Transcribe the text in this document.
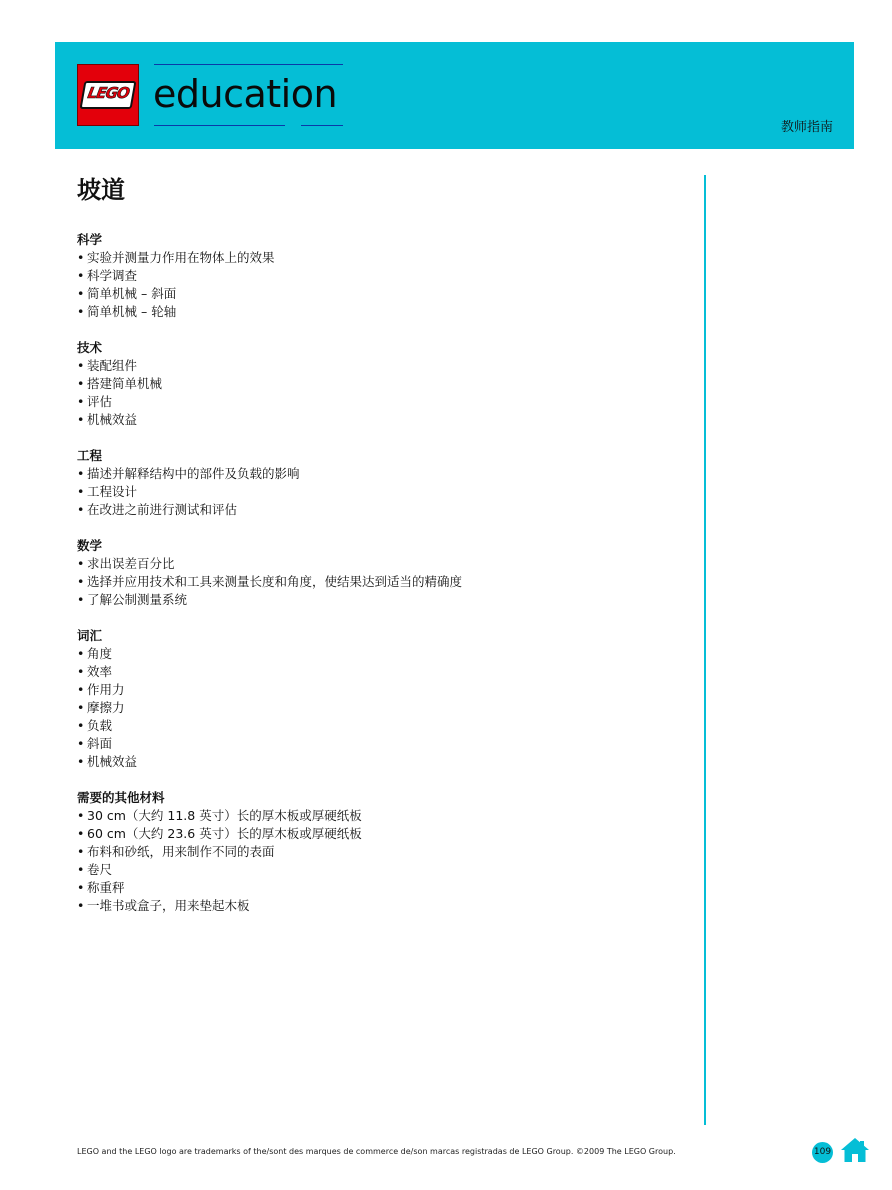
LEGO education
教师指南
坡道
科学
• 实验并测量力作用在物体上的效果
• 科学调查
• 简单机械 – 斜面
• 简单机械 – 轮轴
技术
• 装配组件
• 搭建简单机械
• 评估
• 机械效益
工程
• 描述并解释结构中的部件及负载的影响
• 工程设计
• 在改进之前进行测试和评估
数学
• 求出误差百分比
• 选择并应用技术和工具来测量长度和角度，使结果达到适当的精确度
• 了解公制测量系统
词汇
• 角度
• 效率
• 作用力
• 摩擦力
• 负载
• 斜面
• 机械效益
需要的其他材料
• 30 cm（大约 11.8 英寸）长的厚木板或厚硬纸板
• 60 cm（大约 23.6 英寸）长的厚木板或厚硬纸板
• 布料和砂纸，用来制作不同的表面
• 卷尺
• 称重秤
• 一堆书或盒子，用来垫起木板
LEGO and the LEGO logo are trademarks of the/sont des marques de commerce de/son marcas registradas de LEGO Group. ©2009 The LEGO Group.	109
